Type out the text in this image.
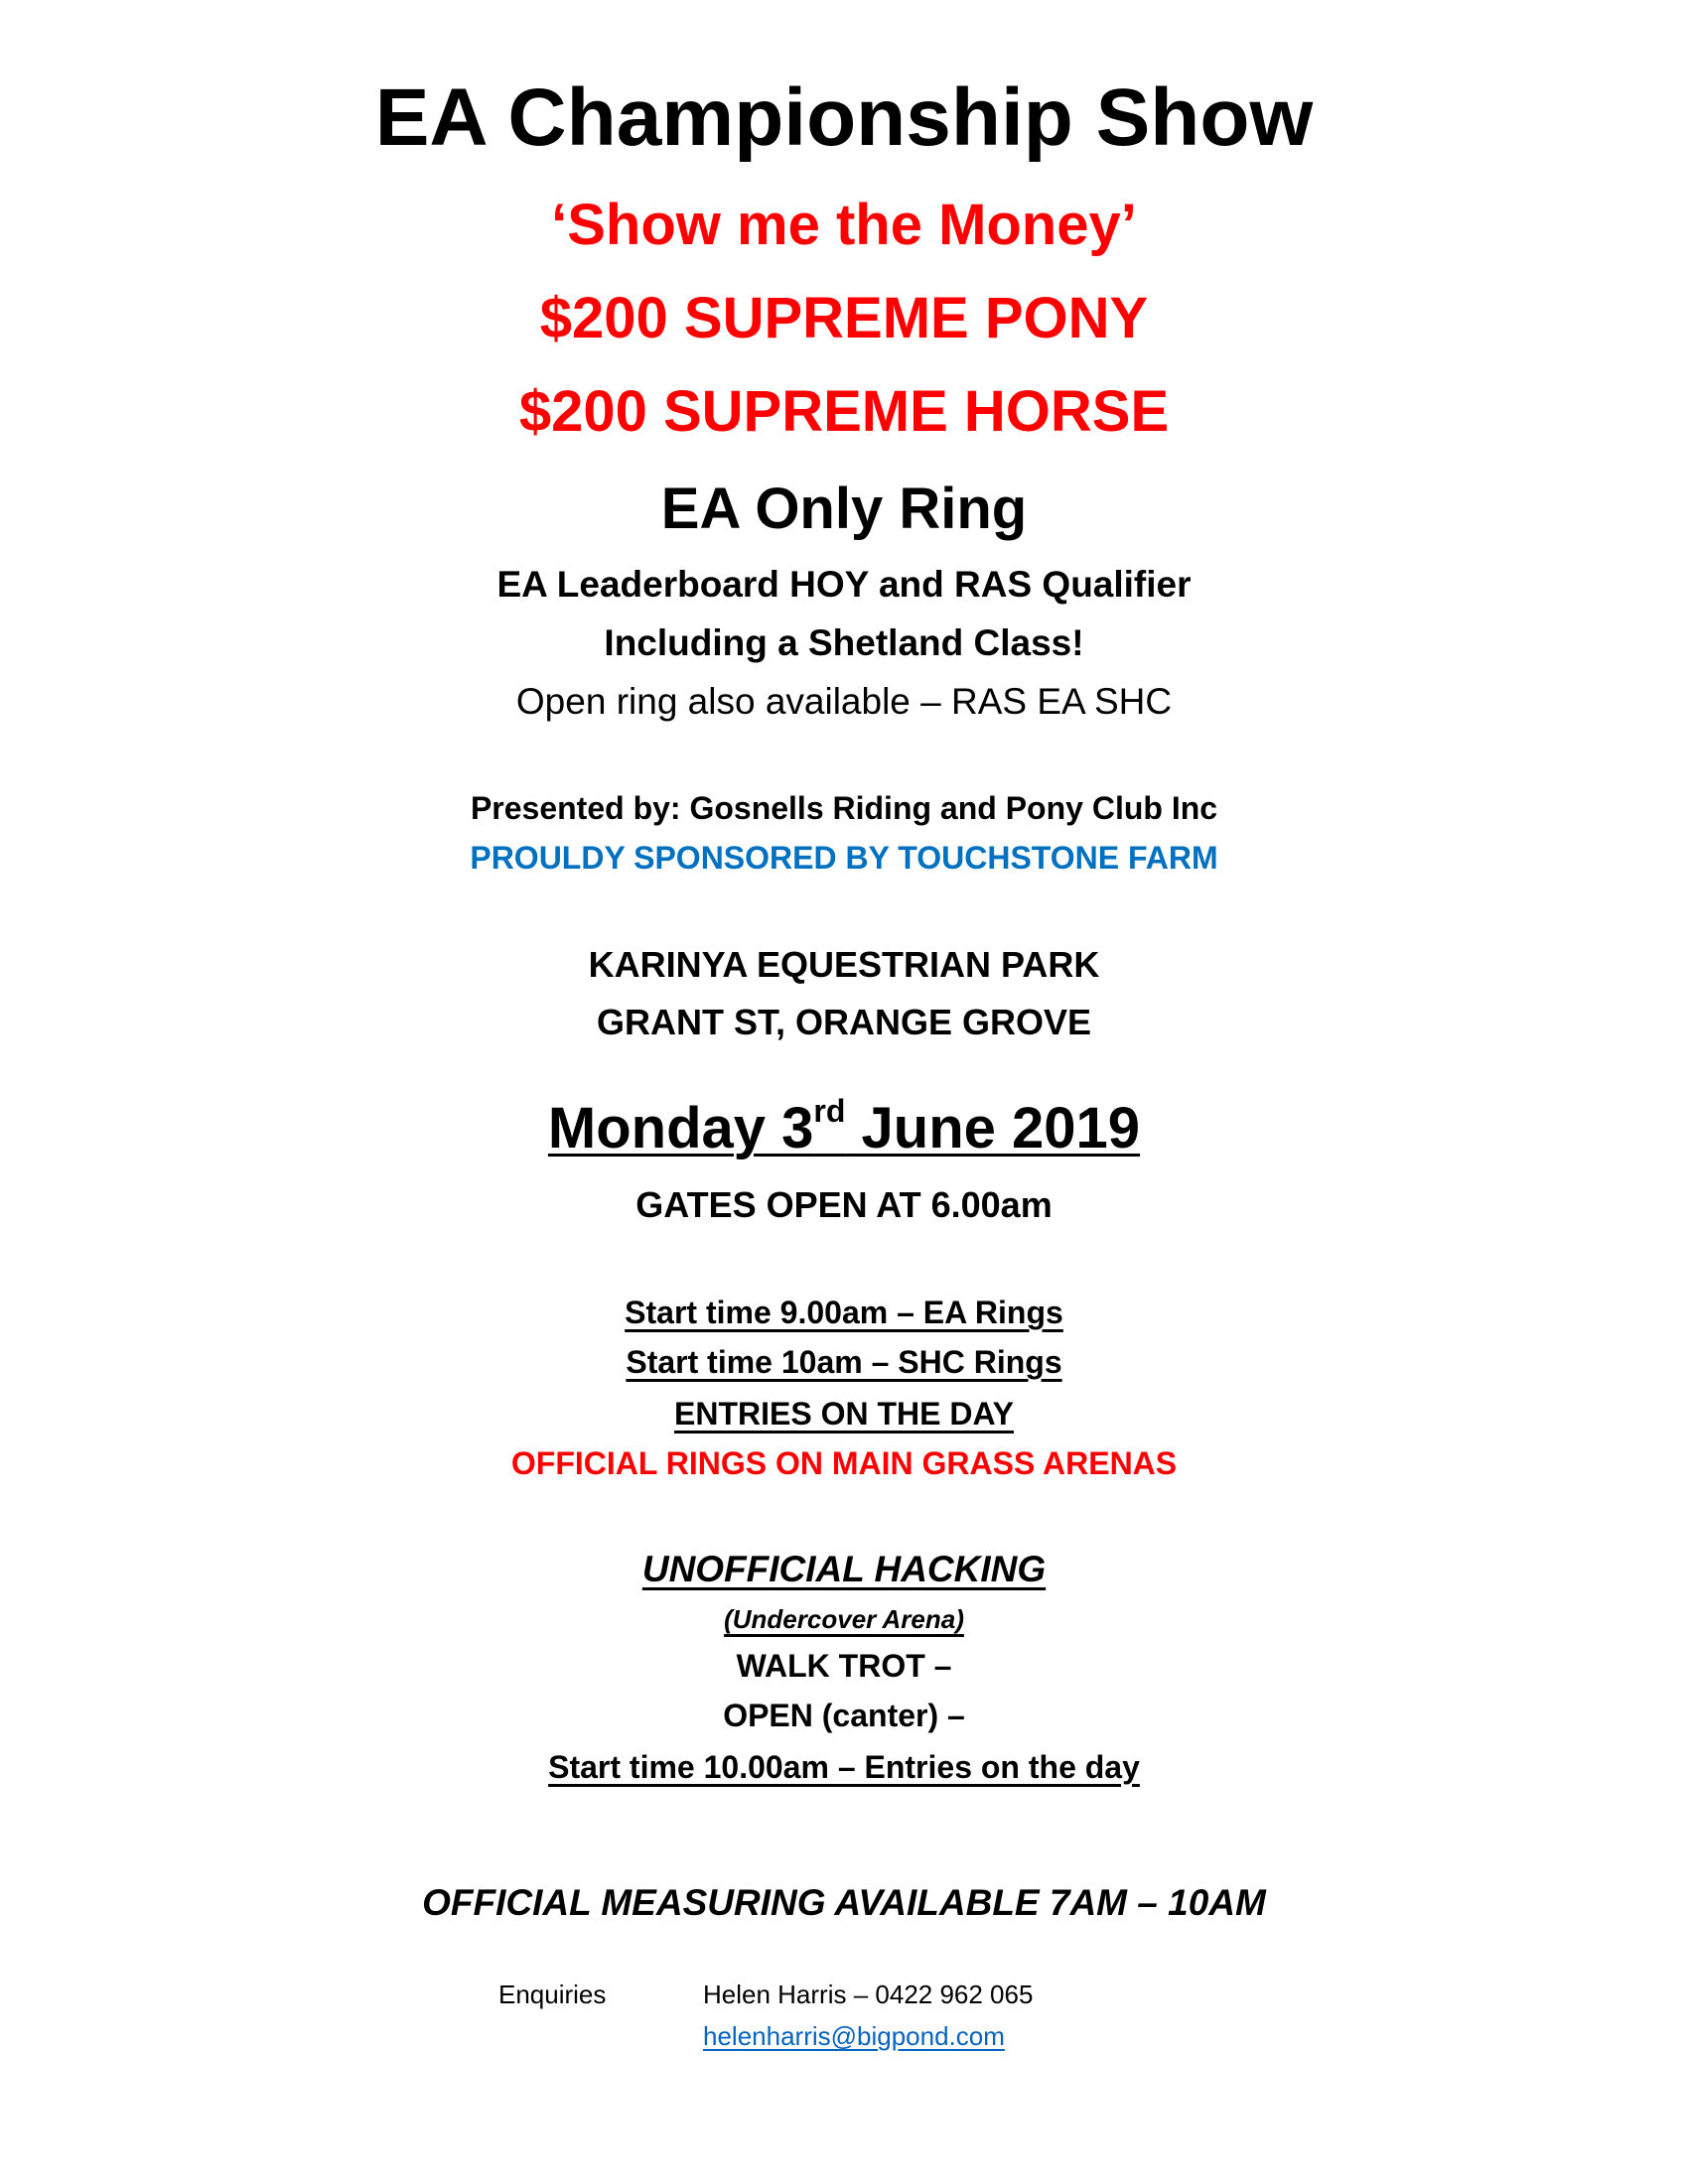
EA Championship Show
‘Show me the Money’
$200 SUPREME PONY
$200 SUPREME HORSE
EA Only Ring
EA Leaderboard HOY and RAS Qualifier
Including a Shetland Class!
Open ring also available – RAS EA SHC
Presented by: Gosnells Riding and Pony Club Inc
PROULDY SPONSORED BY TOUCHSTONE FARM
KARINYA EQUESTRIAN PARK
GRANT ST, ORANGE GROVE
Monday 3rd June 2019
GATES OPEN AT 6.00am
Start time 9.00am – EA Rings
Start time 10am – SHC Rings
ENTRIES ON THE DAY
OFFICIAL RINGS ON MAIN GRASS ARENAS
UNOFFICIAL HACKING
(Undercover Arena)
WALK TROT –
OPEN (canter) –
Start time 10.00am – Entries on the day
OFFICIAL MEASURING AVAILABLE 7AM – 10AM
Enquiries	Helen Harris – 0422 962 065
helenharris@bigpond.com
